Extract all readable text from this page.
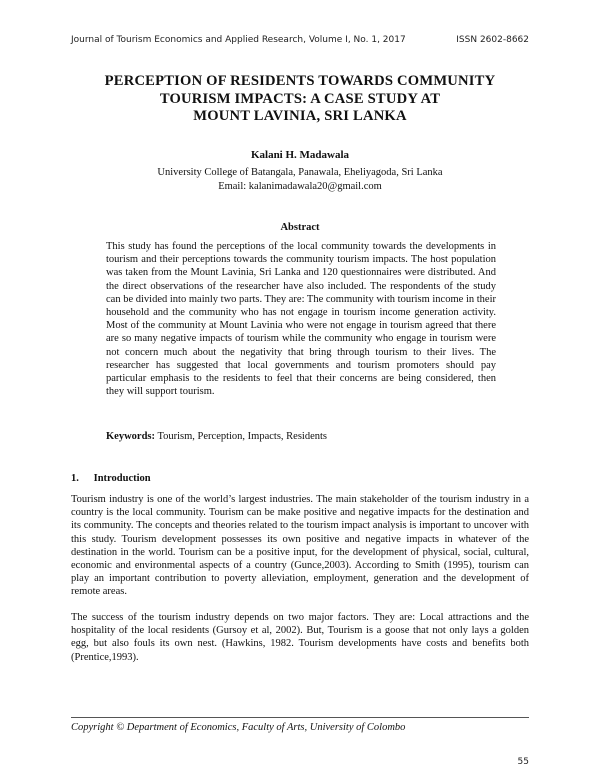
Journal of Tourism Economics and Applied Research, Volume I, No. 1, 2017	ISSN 2602-8662
PERCEPTION OF RESIDENTS TOWARDS COMMUNITY
TOURISM IMPACTS: A CASE STUDY AT
MOUNT LAVINIA, SRI LANKA
Kalani H. Madawala
University College of Batangala, Panawala, Eheliyagoda, Sri Lanka
Email: kalanimadawala20@gmail.com
Abstract

This study has found the perceptions of the local community towards the developments in tourism and their perceptions towards the community tourism impacts. The host population was taken from the Mount Lavinia, Sri Lanka and 120 questionnaires were distributed. And the direct observations of the researcher have also included. The respondents of the study can be divided into mainly two parts. They are: The community with tourism income in their household and the community who has not engage in tourism income generation activity. Most of the community at Mount Lavinia who were not engage in tourism agreed that there are so many negative impacts of tourism while the community who engage in tourism were not concern much about the negativity that bring through tourism to their lives. The researcher has suggested that local governments and tourism promoters should pay particular emphasis to the residents to feel that their concerns are being considered, then they will support tourism.

Keywords: Tourism, Perception, Impacts, Residents
1. Introduction

Tourism industry is one of the world’s largest industries. The main stakeholder of the tourism industry in a country is the local community. Tourism can be make positive and negative impacts for the destination and its community. The concepts and theories related to the tourism impact analysis is important to uncover with this study. Tourism development possesses its own positive and negative impacts in whatever of the destination in the world. Tourism can be a positive input, for the development of physical, social, cultural, economic and environmental aspects of a country (Gunce,2003). According to Smith (1995), tourism can play an important contribution to poverty alleviation, employment, generation and the development of remote areas.

The success of the tourism industry depends on two major factors. They are: Local attractions and the hospitality of the local residents (Gursoy et al, 2002). But, Tourism is a goose that not only lays a golden egg, but also fouls its own nest. (Hawkins, 1982. Tourism developments have costs and benefits both (Prentice,1993).

Copyright © Department of Economics, Faculty of Arts, University of Colombo
55
